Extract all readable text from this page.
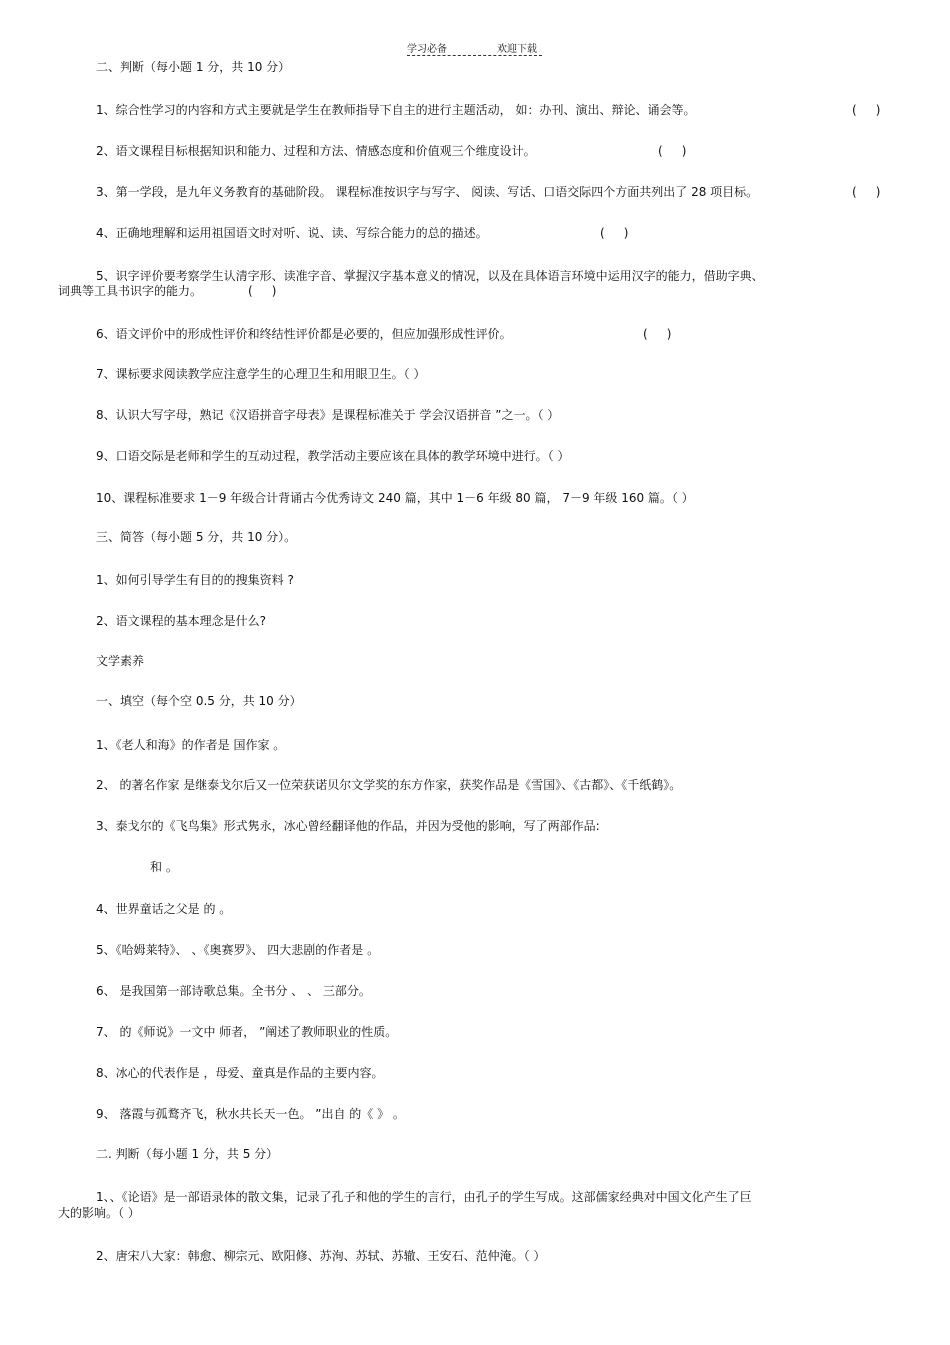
学习必备	欢迎下载

二、判断（每小题 1 分，共 10 分）
1、综合性学习的内容和方式主要就是学生在教师指导下自主的进行主题活动， 如：办刊、演出、辩论、诵会等。	(     )
2、语文课程目标根据知识和能力、过程和方法、情感态度和价值观三个维度设计。	(     )
3、第一学段，是九年义务教育的基础阶段。 课程标准按识字与写字、 阅读、写话、口语交际四个方面共列出了 28 项目标。	(     )
4、正确地理解和运用祖国语文时对听、说、读、写综合能力的总的描述。	(     )
5、识字评价要考察学生认清字形、读准字音、掌握汉字基本意义的情况，以及在具体语言环境中运用汉字的能力，借助字典、
词典等工具书识字的能力。	(     )
6、语文评价中的形成性评价和终结性评价都是必要的，但应加强形成性评价。	(     )
7、课标要求阅读教学应注意学生的心理卫生和用眼卫生。（ ）
8、认识大写字母，熟记《汉语拼音字母表》是课程标准关于 学会汉语拼音 ”之一。（ ）
9、口语交际是老师和学生的互动过程，教学活动主要应该在具体的教学环境中进行。（ ）
10、课程标准要求 1－9 年级合计背诵古今优秀诗文 240 篇，其中 1－6 年级 80 篇， 7－9 年级 160 篇。（ ）
三、简答（每小题 5 分，共 10 分）。
1、如何引导学生有目的的搜集资料 ?
2、语文课程的基本理念是什么?
文学素养
一、填空（每个空 0.5 分，共 10 分）
1、《老人和海》的作者是 国作家 。
2、 的著名作家 是继泰戈尔后又一位荣获诺贝尔文学奖的东方作家，获奖作品是《雪国》、《古都》、《千纸鹤》。
3、泰戈尔的《飞鸟集》形式隽永，冰心曾经翻译他的作品，并因为受他的影响，写了两部作品:
和 。
4、世界童话之父是 的 。
5、《哈姆莱特》、 、《奥赛罗》、 四大悲剧的作者是 。
6、 是我国第一部诗歌总集。全书分 、 、 三部分。
7、 的《师说》一文中 师者， ”阐述了教师职业的性质。
8、冰心的代表作是 ，母爱、童真是作品的主要内容。
9、 落霞与孤鹜齐飞，秋水共长天一色。 ”出自 的《 》 。
二. 判断（每小题 1 分，共 5 分）
1、、《论语》是一部语录体的散文集，记录了孔子和他的学生的言行，由孔子的学生写成。这部儒家经典对中国文化产生了巨
大的影响。（ ）
2、唐宋八大家：韩愈、柳宗元、欧阳修、苏洵、苏轼、苏辙、王安石、范仲淹。（ ）
